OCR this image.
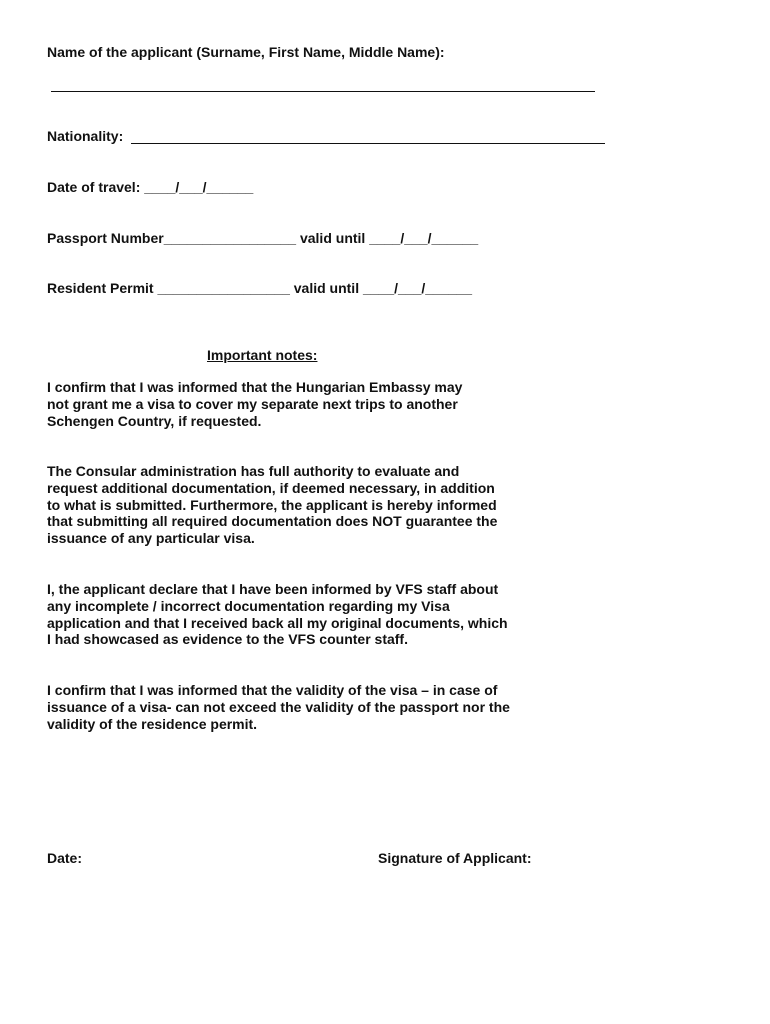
Name of the applicant (Surname, First Name, Middle Name):
Nationality:
Date of travel: ____/___/______
Passport Number_________________ valid until ____/___/______
Resident Permit _________________ valid until ____/___/______
Important notes:
I confirm that I was informed that the Hungarian Embassy may
not grant me a visa to cover my separate next trips to another
Schengen Country, if requested.
The Consular administration has full authority to evaluate and
request additional documentation, if deemed necessary, in addition
to what is submitted. Furthermore, the applicant is hereby informed
that submitting all required documentation does NOT guarantee the
issuance of any particular visa.
I, the applicant declare that I have been informed by VFS staff about
any incomplete / incorrect documentation regarding my Visa
application and that I received back all my original documents, which
I had showcased as evidence to the VFS counter staff.
I confirm that I was informed that the validity of the visa – in case of
issuance of a visa- can not exceed the validity of the passport nor the
validity of the residence permit.
Date:	Signature of Applicant:
